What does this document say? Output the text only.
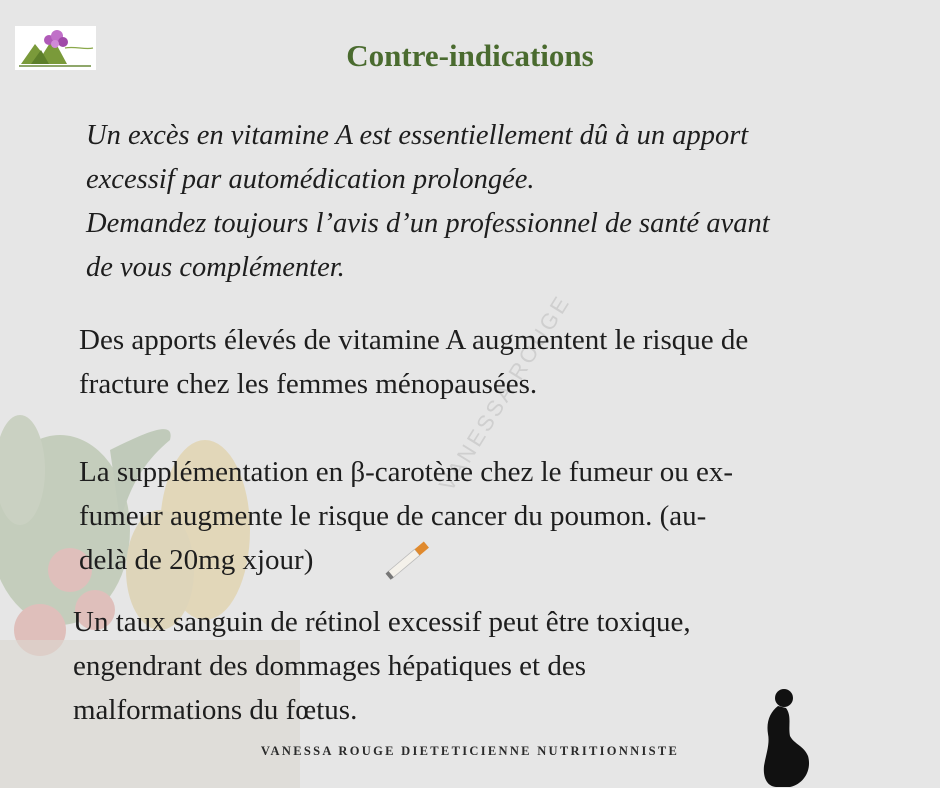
Contre-indications
Un excès en vitamine A est essentiellement dû à un apport
excessif par automédication prolongée.
Demandez toujours l’avis d’un professionnel de santé avant
de vous complémenter.
VANESSA ROUGE
Des apports élevés de vitamine A augmentent le risque de
fracture chez les femmes ménopausées.
La supplémentation en β-carotène chez le fumeur ou ex-
fumeur augmente le risque de cancer du poumon. (au-
delà de 20mg xjour)
Un taux sanguin de rétinol excessif peut être toxique,
engendrant des dommages hépatiques et des
malformations du fœtus.
VANESSA ROUGE DIETETICIENNE NUTRITIONNISTE
